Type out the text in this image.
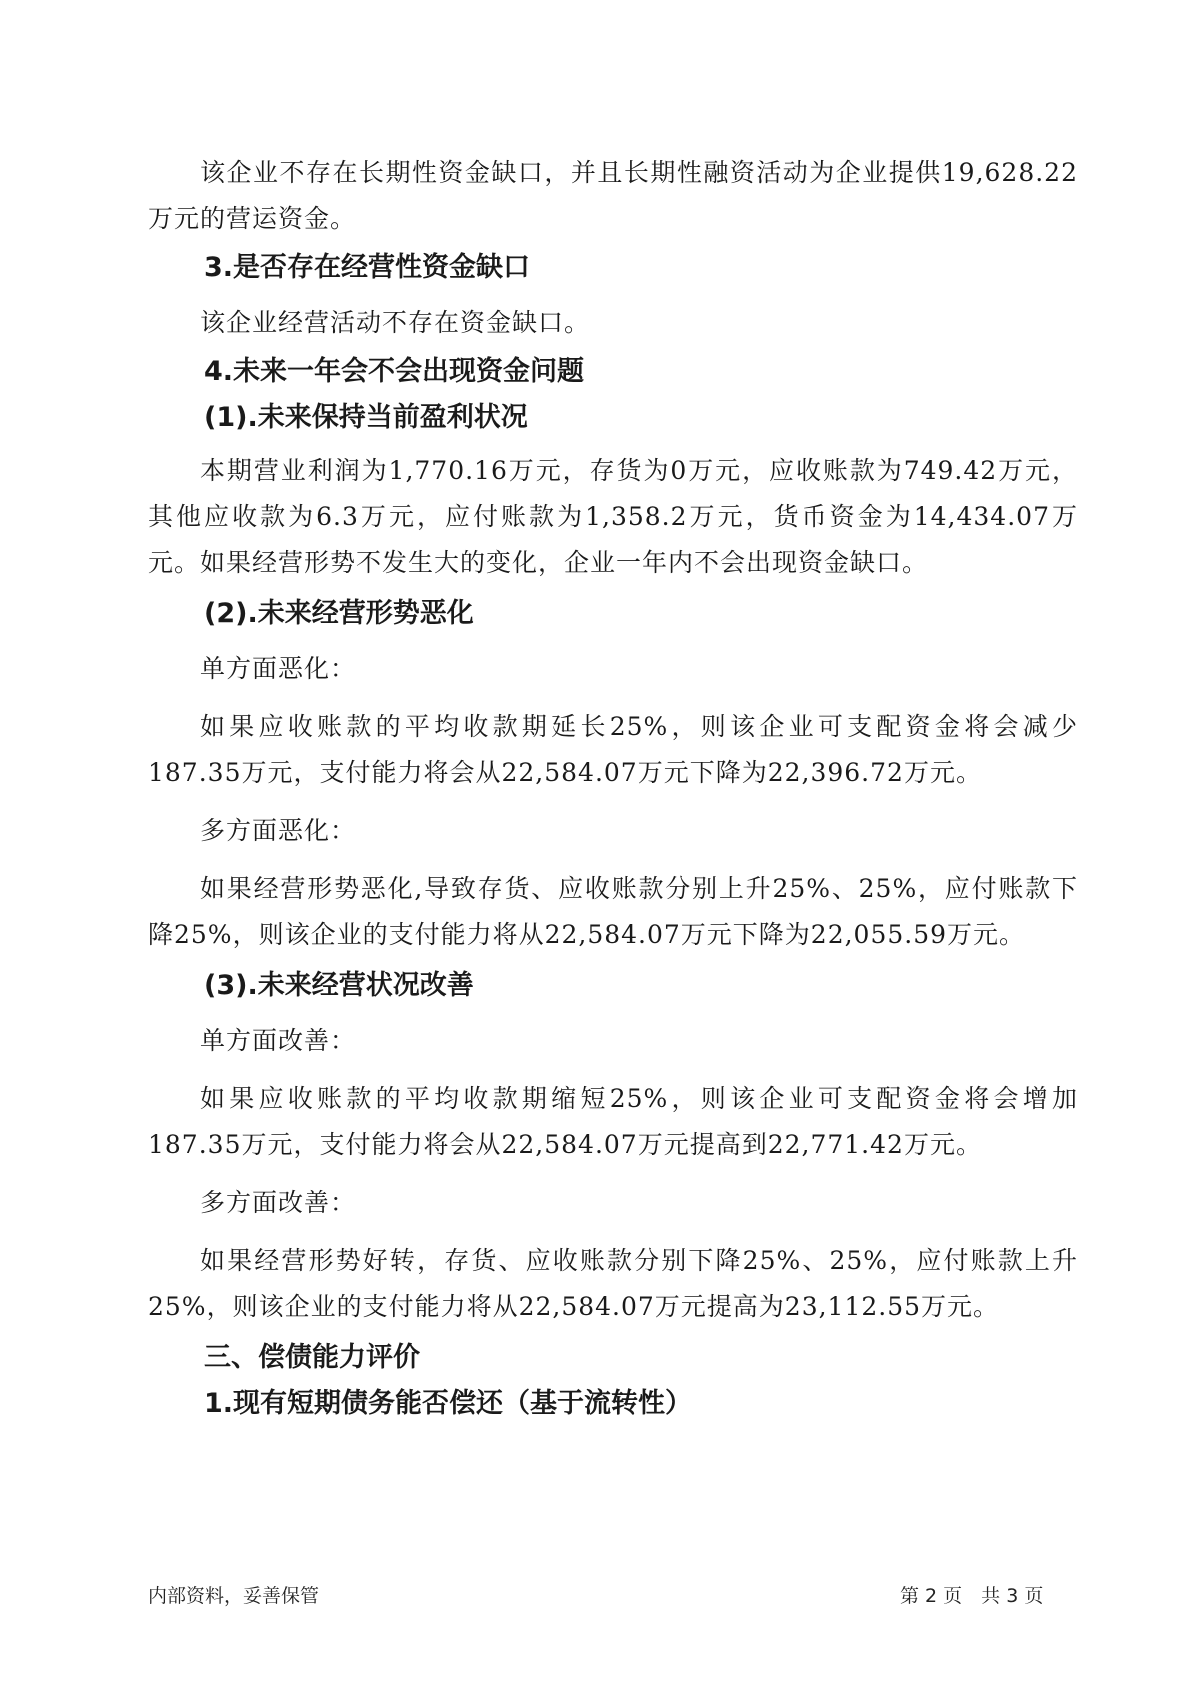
该企业不存在长期性资金缺口，并且长期性融资活动为企业提供19,628.22万元的营运资金。

3.是否存在经营性资金缺口

该企业经营活动不存在资金缺口。

4.未来一年会不会出现资金问题

(1).未来保持当前盈利状况

本期营业利润为1,770.16万元，存货为0万元，应收账款为749.42万元，其他应收款为6.3万元，应付账款为1,358.2万元，货币资金为14,434.07万元。如果经营形势不发生大的变化，企业一年内不会出现资金缺口。

(2).未来经营形势恶化

单方面恶化：

如果应收账款的平均收款期延长25%，则该企业可支配资金将会减少187.35万元，支付能力将会从22,584.07万元下降为22,396.72万元。

多方面恶化：

如果经营形势恶化,导致存货、应收账款分别上升25%、25%，应付账款下降25%，则该企业的支付能力将从22,584.07万元下降为22,055.59万元。

(3).未来经营状况改善

单方面改善：

如果应收账款的平均收款期缩短25%，则该企业可支配资金将会增加187.35万元，支付能力将会从22,584.07万元提高到22,771.42万元。

多方面改善：

如果经营形势好转，存货、应收账款分别下降25%、25%，应付账款上升25%，则该企业的支付能力将从22,584.07万元提高为23,112.55万元。

三、偿债能力评价

1.现有短期债务能否偿还（基于流转性）

内部资料，妥善保管	第 2 页　共 3 页
